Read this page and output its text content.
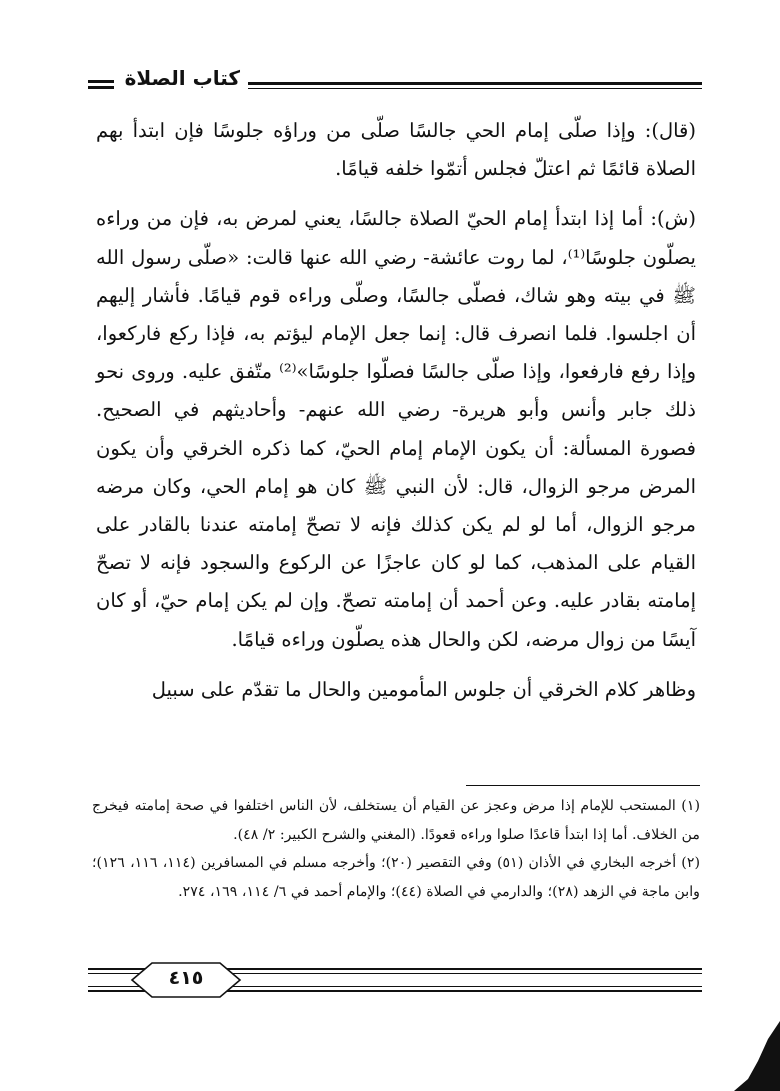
كتاب الصلاة

(قال): وإذا صلّى إمام الحي جالسًا صلّى من وراؤه جلوسًا فإن ابتدأ بهم الصلاة قائمًا ثم اعتلّ فجلس أتمّوا خلفه قيامًا.

(ش): أما إذا ابتدأ إمام الحيّ الصلاة جالسًا، يعني لمرض به، فإن من وراءه يصلّون جلوسًا⁽¹⁾، لما روت عائشة- رضي الله عنها قالت: «صلّى رسول الله ﷺ في بيته وهو شاك، فصلّى جالسًا، وصلّى وراءه قوم قيامًا. فأشار إليهم أن اجلسوا. فلما انصرف قال: إنما جعل الإمام ليؤتم به، فإذا ركع فاركعوا، وإذا رفع فارفعوا، وإذا صلّى جالسًا فصلّوا جلوسًا»⁽²⁾ متّفق عليه. وروى نحو ذلك جابر وأنس وأبو هريرة- رضي الله عنهم- وأحاديثهم في الصحيح. فصورة المسألة: أن يكون الإمام إمام الحيّ، كما ذكره الخرقي وأن يكون المرض مرجو الزوال، قال: لأن النبي ﷺ كان هو إمام الحي، وكان مرضه مرجو الزوال، أما لو لم يكن كذلك فإنه لا تصحّ إمامته عندنا بالقادر على القيام على المذهب، كما لو كان عاجزًا عن الركوع والسجود فإنه لا تصحّ إمامته بقادر عليه. وعن أحمد أن إمامته تصحّ. وإن لم يكن إمام حيّ، أو كان آيسًا من زوال مرضه، لكن والحال هذه يصلّون وراءه قيامًا.

وظاهر كلام الخرقي أن جلوس المأمومين والحال ما تقدّم على سبيل

(١) المستحب للإمام إذا مرض وعجز عن القيام أن يستخلف، لأن الناس اختلفوا في صحة إمامته فيخرج من الخلاف. أما إذا ابتدأ قاعدًا صلوا وراءه قعودًا. (المغني والشرح الكبير: ٢/ ٤٨).

(٢) أخرجه البخاري في الأذان (٥١) وفي التقصير (٢٠)؛ وأخرجه مسلم في المسافرين (١١٤، ١١٦، ١٢٦)؛ وابن ماجة في الزهد (٢٨)؛ والدارمي في الصلاة (٤٤)؛ والإمام أحمد في ٦/ ١١٤، ١٦٩، ٢٧٤.

٤١٥
